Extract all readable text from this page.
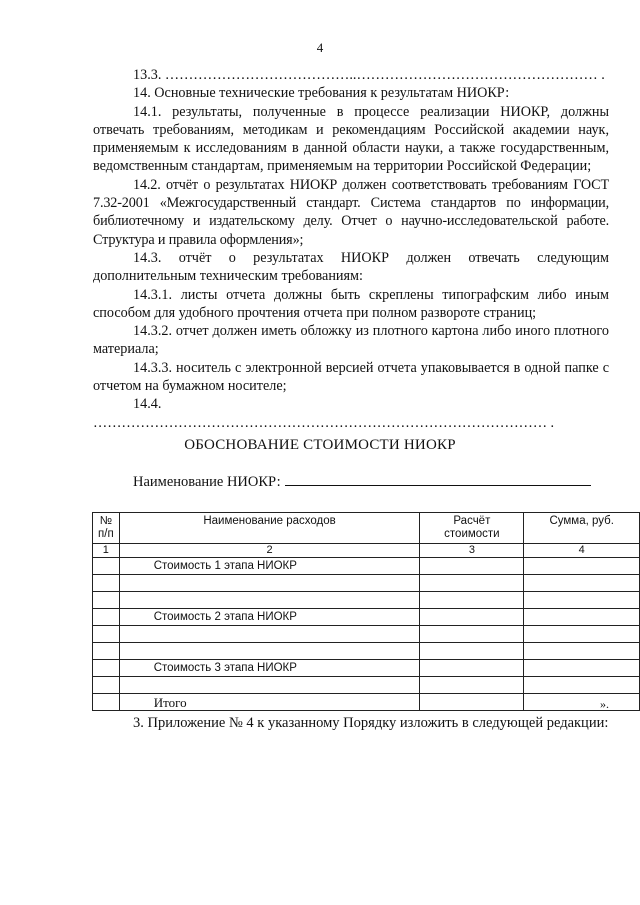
4

13.3. …………………………………..…………………………………………… .

14. Основные технические требования к результатам НИОКР:

14.1. результаты, полученные в процессе реализации НИОКР, должны отвечать требованиям, методикам и рекомендациям Российской академии наук, применяемым к исследованиям в данной области науки, а также государственным, ведомственным стандартам, применяемым на территории Российской Федерации;

14.2. отчёт о результатах НИОКР должен соответствовать требованиям ГОСТ 7.32-2001 «Межгосударственный стандарт. Система стандартов по информации, библиотечному и издательскому делу. Отчет о научно-исследовательской работе. Структура и правила оформления»;

14.3. отчёт о результатах НИОКР должен отвечать следующим дополнительным техническим требованиям:

14.3.1. листы отчета должны быть скреплены типографским либо иным способом для удобного прочтения отчета при полном развороте страниц;

14.3.2. отчет должен иметь обложку из плотного картона либо иного плотного материала;

14.3.3. носитель с электронной версией отчета упаковывается в одной папке с отчетом на бумажном носителе;

14.4. …………………………………………………………………………………… .

ОБОСНОВАНИЕ СТОИМОСТИ НИОКР
Наименование НИОКР:
№ п/п	Наименование расходов	Расчёт стоимости	Сумма, руб.
1	2	3	4
	Стоимость 1 этапа НИОКР		

	Стоимость 2 этапа НИОКР		

	Стоимость 3 этапа НИОКР		

	Итого			».

3. Приложение № 4 к указанному Порядку изложить в следующей редакции:
